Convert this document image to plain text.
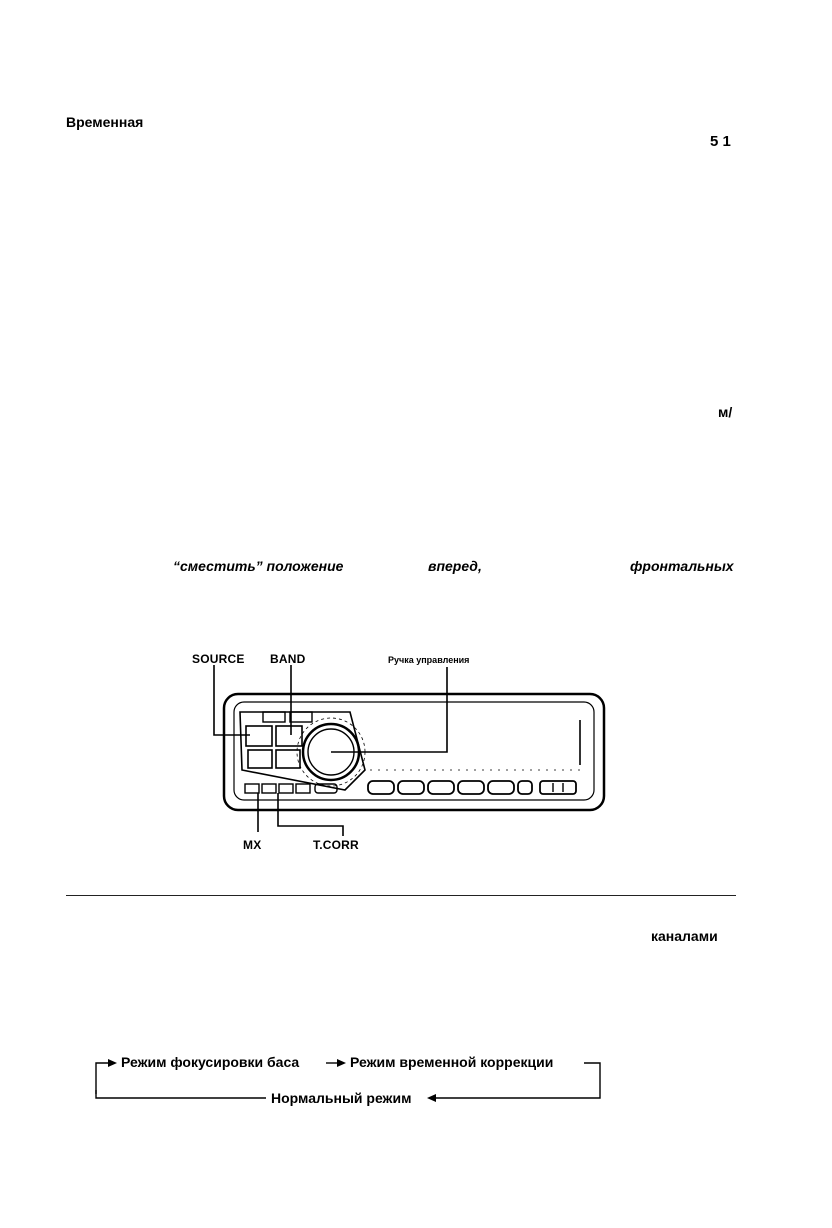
Временная
5 1
м/
“сместить” положение	вперед,	фронтальных
SOURCE BAND	Ручка управления
MX	T.CORR
каналами
Режим фокусировки баса	Режим временной коррекции
Нормальный режим
